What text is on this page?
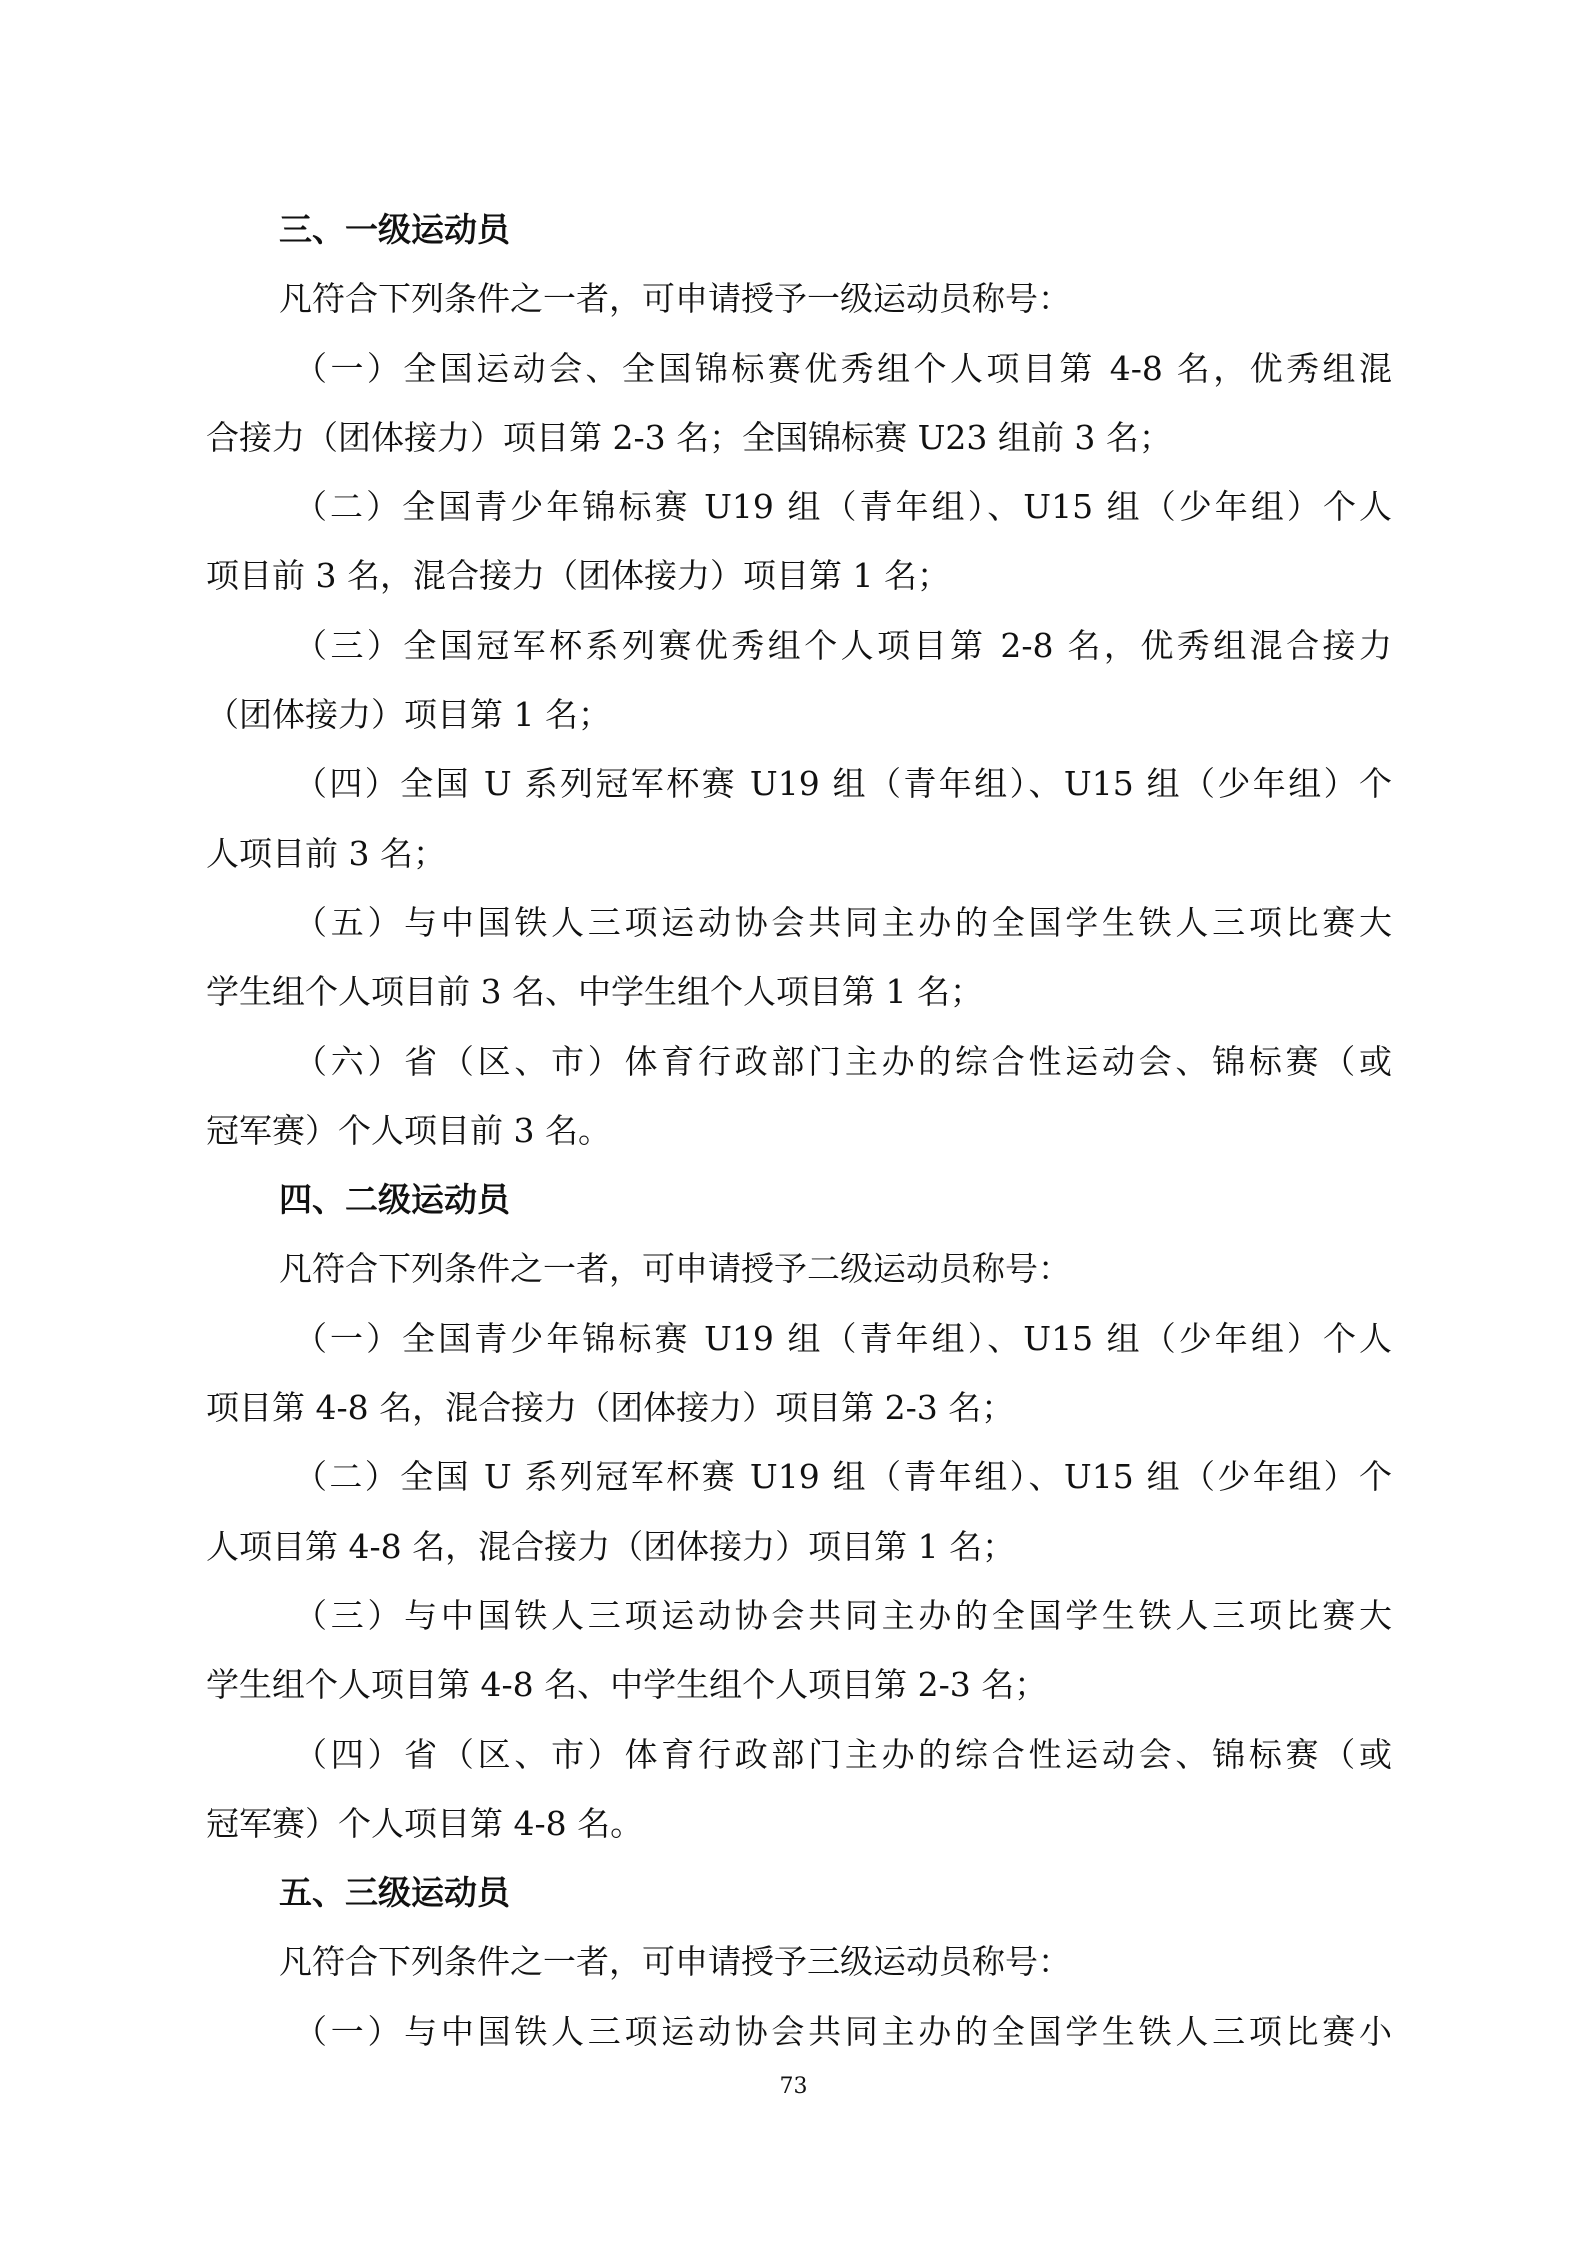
三、一级运动员
凡符合下列条件之一者，可申请授予一级运动员称号：
（一）全国运动会、全国锦标赛优秀组个人项目第 4-8 名，优秀组混
合接力（团体接力）项目第 2-3 名；全国锦标赛 U23 组前 3 名；
（二）全国青少年锦标赛 U19 组（青年组）、U15 组（少年组）个人
项目前 3 名，混合接力（团体接力）项目第 1 名；
（三）全国冠军杯系列赛优秀组个人项目第 2-8 名，优秀组混合接力
（团体接力）项目第 1 名；
（四）全国 U 系列冠军杯赛 U19 组（青年组）、U15 组（少年组）个
人项目前 3 名；
（五）与中国铁人三项运动协会共同主办的全国学生铁人三项比赛大
学生组个人项目前 3 名、中学生组个人项目第 1 名；
（六）省（区、市）体育行政部门主办的综合性运动会、锦标赛（或
冠军赛）个人项目前 3 名。
四、二级运动员
凡符合下列条件之一者，可申请授予二级运动员称号：
（一）全国青少年锦标赛 U19 组（青年组）、U15 组（少年组）个人
项目第 4-8 名，混合接力（团体接力）项目第 2-3 名；
（二）全国 U 系列冠军杯赛 U19 组（青年组）、U15 组（少年组）个
人项目第 4-8 名，混合接力（团体接力）项目第 1 名；
（三）与中国铁人三项运动协会共同主办的全国学生铁人三项比赛大
学生组个人项目第 4-8 名、中学生组个人项目第 2-3 名；
（四）省（区、市）体育行政部门主办的综合性运动会、锦标赛（或
冠军赛）个人项目第 4-8 名。
五、三级运动员
凡符合下列条件之一者，可申请授予三级运动员称号：
（一）与中国铁人三项运动协会共同主办的全国学生铁人三项比赛小
73
